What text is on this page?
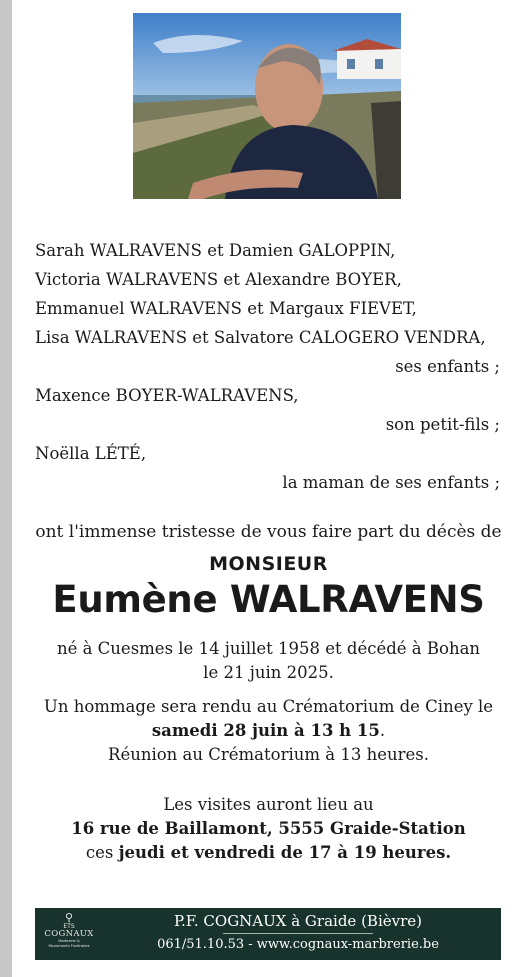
Sarah WALRAVENS et Damien GALOPPIN,
Victoria WALRAVENS et Alexandre BOYER,
Emmanuel WALRAVENS et Margaux FIEVET,
Lisa WALRAVENS et Salvatore CALOGERO VENDRA,
ses enfants ;
Maxence BOYER-WALRAVENS,
son petit-fils ;
Noëlla LÉTÉ,
la maman de ses enfants ;
ont l'immense tristesse de vous faire part du décès de
MONSIEUR
Eumène WALRAVENS
né à Cuesmes le 14 juillet 1958 et décédé à Bohan
le 21 juin 2025.
Un hommage sera rendu au Crématorium de Ciney le
samedi 28 juin à 13 h 15.
Réunion au Crématorium à 13 heures.
Les visites auront lieu au
16 rue de Baillamont, 5555 Graide-Station
ces jeudi et vendredi de 17 à 19 heures.
⚲
ETS
COGNAUX
Marbrerie &
Monuments Funéraires
P.F. COGNAUX à Graide (Bièvre)
061/51.10.53 - www.cognaux-marbrerie.be
